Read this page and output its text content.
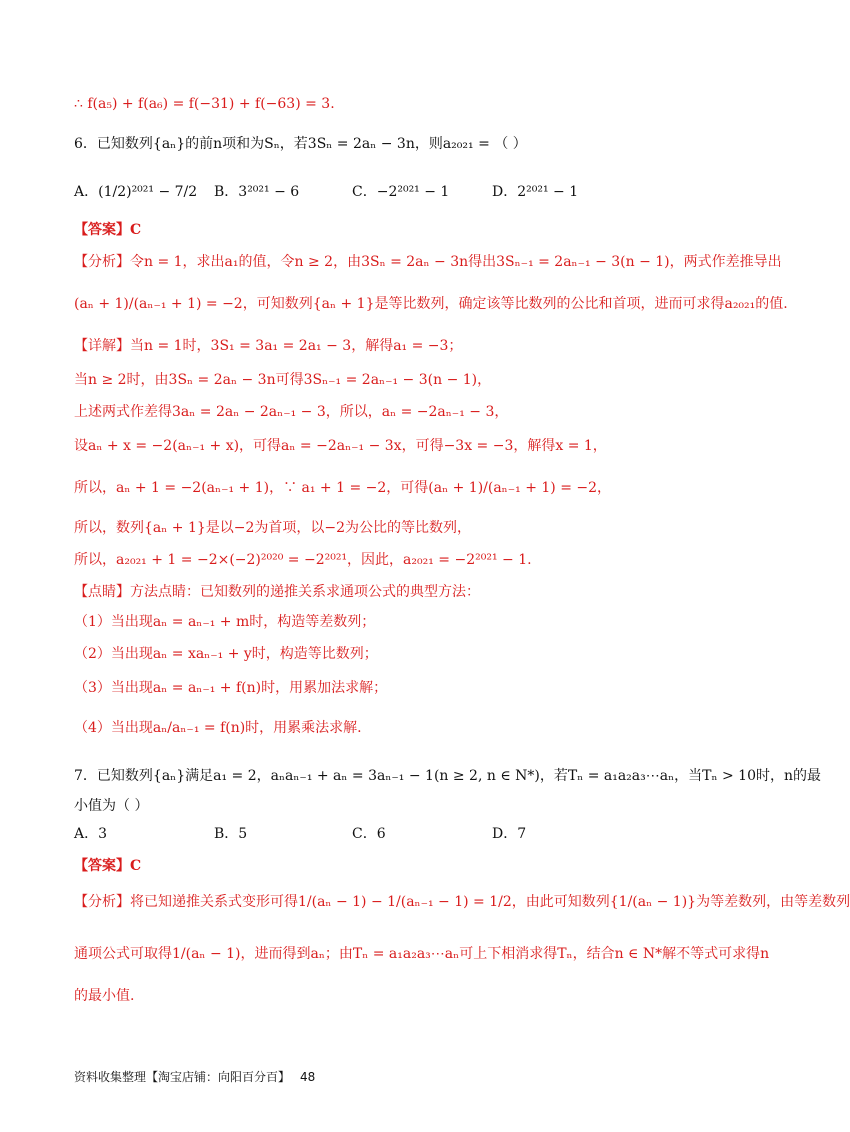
∴ f(a₅) + f(a₆) = f(−31) + f(−63) = 3.
6．已知数列{aₙ}的前n项和为Sₙ，若3Sₙ = 2aₙ − 3n，则a₂₀₂₁ = （ ）
A．(1/2)²⁰²¹ − 7/2 B．3²⁰²¹ − 6	C．−2²⁰²¹ − 1	D．2²⁰²¹ − 1
【答案】C
【分析】令n = 1，求出a₁的值，令n ≥ 2，由3Sₙ = 2aₙ − 3n得出3Sₙ₋₁ = 2aₙ₋₁ − 3(n − 1)，两式作差推导出
(aₙ + 1)/(aₙ₋₁ + 1) = −2，可知数列{aₙ + 1}是等比数列，确定该等比数列的公比和首项，进而可求得a₂₀₂₁的值.
【详解】当n = 1时，3S₁ = 3a₁ = 2a₁ − 3，解得a₁ = −3；
当n ≥ 2时，由3Sₙ = 2aₙ − 3n可得3Sₙ₋₁ = 2aₙ₋₁ − 3(n − 1)，
上述两式作差得3aₙ = 2aₙ − 2aₙ₋₁ − 3，所以，aₙ = −2aₙ₋₁ − 3，
设aₙ + x = −2(aₙ₋₁ + x)，可得aₙ = −2aₙ₋₁ − 3x，可得−3x = −3，解得x = 1，
所以，aₙ + 1 = −2(aₙ₋₁ + 1)，∵ a₁ + 1 = −2，可得(aₙ + 1)/(aₙ₋₁ + 1) = −2，
所以，数列{aₙ + 1}是以−2为首项，以−2为公比的等比数列，
所以，a₂₀₂₁ + 1 = −2×(−2)²⁰²⁰ = −2²⁰²¹，因此，a₂₀₂₁ = −2²⁰²¹ − 1.
【点睛】方法点睛：已知数列的递推关系求通项公式的典型方法：
（1）当出现aₙ = aₙ₋₁ + m时，构造等差数列；
（2）当出现aₙ = xaₙ₋₁ + y时，构造等比数列；
（3）当出现aₙ = aₙ₋₁ + f(n)时，用累加法求解；
（4）当出现aₙ/aₙ₋₁ = f(n)时，用累乘法求解.
7．已知数列{aₙ}满足a₁ = 2，aₙaₙ₋₁ + aₙ = 3aₙ₋₁ − 1(n ≥ 2, n ∈ N*)，若Tₙ = a₁a₂a₃⋯aₙ，当Tₙ > 10时，n的最
小值为（ ）
A．3	B．5	C．6	D．7
【答案】C
【分析】将已知递推关系式变形可得1/(aₙ − 1) − 1/(aₙ₋₁ − 1) = 1/2，由此可知数列{1/(aₙ − 1)}为等差数列，由等差数列
通项公式可取得1/(aₙ − 1)，进而得到aₙ；由Tₙ = a₁a₂a₃⋯aₙ可上下相消求得Tₙ，结合n ∈ N*解不等式可求得n
的最小值.
资料收集整理【淘宝店铺：向阳百分百】 48
